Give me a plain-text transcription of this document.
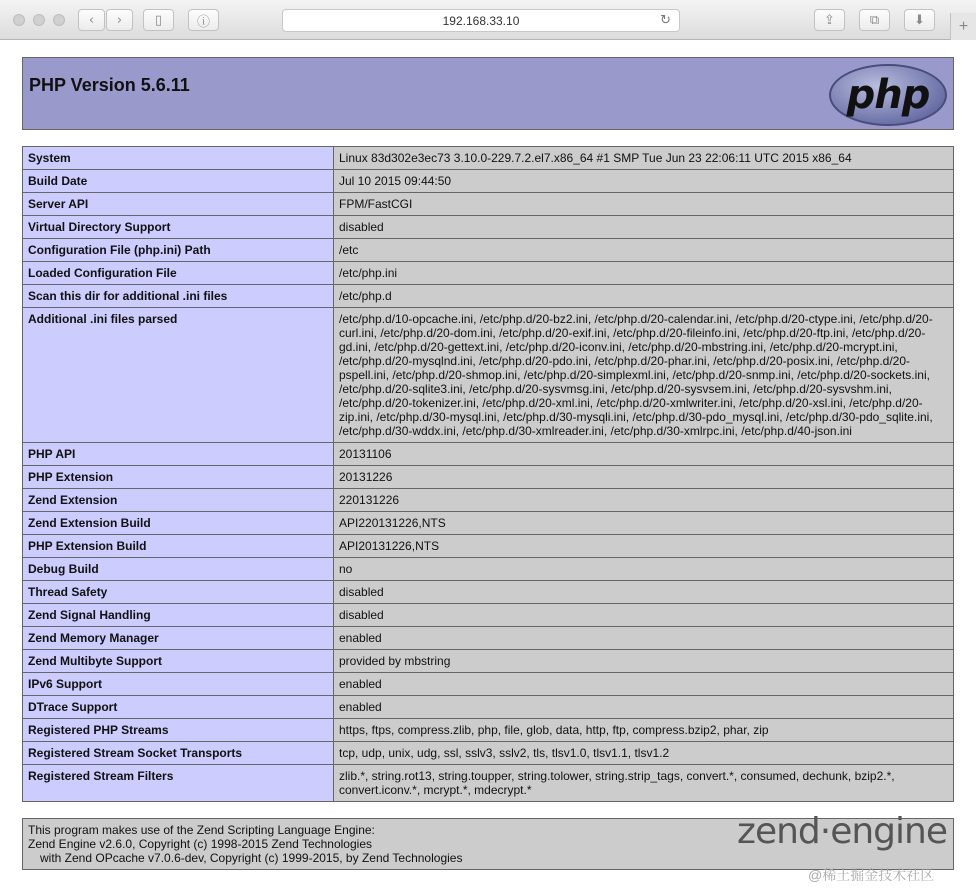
‹ ›	▯	ⓘ	192.168.33.10	↻	⇪	⧉	⬇ +
PHP Version 5.6.11	php
System	Linux 83d302e3ec73 3.10.0-229.7.2.el7.x86_64 #1 SMP Tue Jun 23 22:06:11 UTC 2015 x86_64
Build Date	Jul 10 2015 09:44:50
Server API	FPM/FastCGI
Virtual Directory Support	disabled
Configuration File (php.ini) Path	/etc
Loaded Configuration File	/etc/php.ini
Scan this dir for additional .ini files	/etc/php.d
Additional .ini files parsed	/etc/php.d/10-opcache.ini, /etc/php.d/20-bz2.ini, /etc/php.d/20-calendar.ini, /etc/php.d/20-ctype.ini, /etc/php.d/20-curl.ini, /etc/php.d/20-dom.ini, /etc/php.d/20-exif.ini, /etc/php.d/20-fileinfo.ini, /etc/php.d/20-ftp.ini, /etc/php.d/20-gd.ini, /etc/php.d/20-gettext.ini, /etc/php.d/20-iconv.ini, /etc/php.d/20-mbstring.ini, /etc/php.d/20-mcrypt.ini, /etc/php.d/20-mysqlnd.ini, /etc/php.d/20-pdo.ini, /etc/php.d/20-phar.ini, /etc/php.d/20-posix.ini, /etc/php.d/20-pspell.ini, /etc/php.d/20-shmop.ini, /etc/php.d/20-simplexml.ini, /etc/php.d/20-snmp.ini, /etc/php.d/20-sockets.ini, /etc/php.d/20-sqlite3.ini, /etc/php.d/20-sysvmsg.ini, /etc/php.d/20-sysvsem.ini, /etc/php.d/20-sysvshm.ini, /etc/php.d/20-tokenizer.ini, /etc/php.d/20-xml.ini, /etc/php.d/20-xmlwriter.ini, /etc/php.d/20-xsl.ini, /etc/php.d/20-zip.ini, /etc/php.d/30-mysql.ini, /etc/php.d/30-mysqli.ini, /etc/php.d/30-pdo_mysql.ini, /etc/php.d/30-pdo_sqlite.ini, /etc/php.d/30-wddx.ini, /etc/php.d/30-xmlreader.ini, /etc/php.d/30-xmlrpc.ini, /etc/php.d/40-json.ini
PHP API	20131106
PHP Extension	20131226
Zend Extension	220131226
Zend Extension Build	API220131226,NTS
PHP Extension Build	API20131226,NTS
Debug Build	no
Thread Safety	disabled
Zend Signal Handling	disabled
Zend Memory Manager	enabled
Zend Multibyte Support	provided by mbstring
IPv6 Support	enabled
DTrace Support	enabled
Registered PHP Streams	https, ftps, compress.zlib, php, file, glob, data, http, ftp, compress.bzip2, phar, zip
Registered Stream Socket Transports	tcp, udp, unix, udg, ssl, sslv3, sslv2, tls, tlsv1.0, tlsv1.1, tlsv1.2
Registered Stream Filters	zlib.*, string.rot13, string.toupper, string.tolower, string.strip_tags, convert.*, consumed, dechunk, bzip2.*, convert.iconv.*, mcrypt.*, mdecrypt.*
This program makes use of the Zend Scripting Language Engine:
Zend Engine v2.6.0, Copyright (c) 1998-2015 Zend Technologies
with Zend OPcache v7.0.6-dev, Copyright (c) 1999-2015, by Zend Technologies
zend·engine
@稀土掘金技术社区
